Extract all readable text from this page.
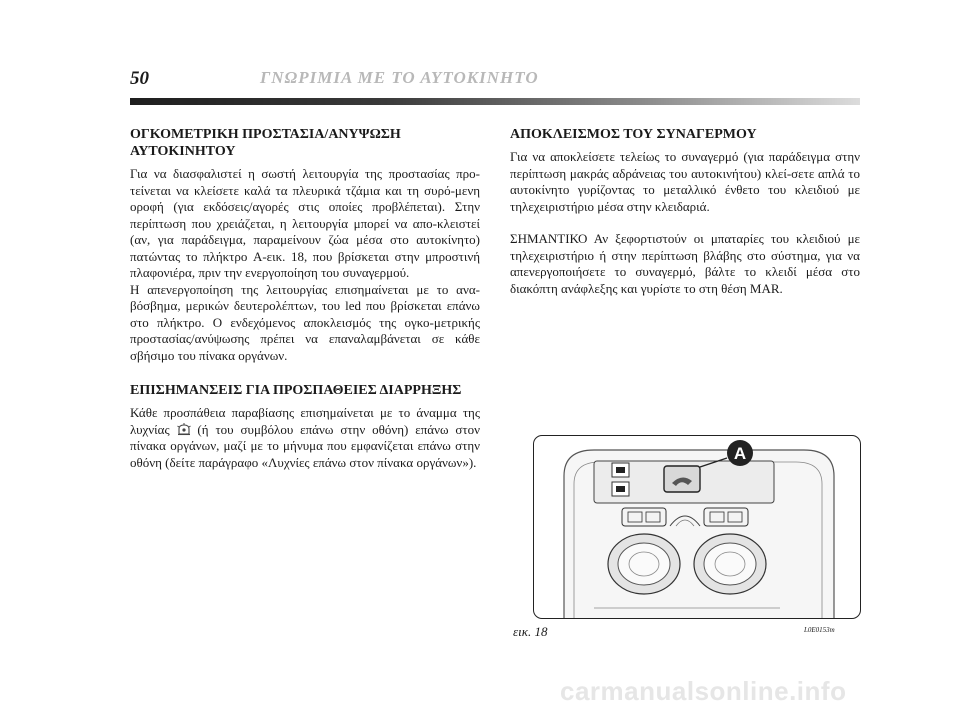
50	ΓΝΩΡΙΜΙΑ ΜΕ ΤΟ ΑΥΤΟΚΙΝΗΤΟ
ΟΓΚΟΜΕΤΡΙΚΗ ΠΡΟΣΤΑΣΙΑ/ΑΝΥΨΩΣΗ ΑΥΤΟΚΙΝΗΤΟΥ

Για να διασφαλιστεί η σωστή λειτουργία της προστασίας προ-τείνεται να κλείσετε καλά τα πλευρικά τζάμια και τη συρό-μενη οροφή (για εκδόσεις/αγορές στις οποίες προβλέπεται). Στην περίπτωση που χρειάζεται, η λειτουργία μπορεί να απο-κλειστεί (αν, για παράδειγμα, παραμείνουν ζώα μέσα στο αυτοκίνητο) πατώντας το πλήκτρο A-εικ. 18, που βρίσκεται στην μπροστινή πλαφονιέρα, πριν την ενεργοποίηση του συναγερμού.

Η απενεργοποίηση της λειτουργίας επισημαίνεται με το ανα-βόσβημα, μερικών δευτερολέπτων, του led που βρίσκεται επάνω στο πλήκτρο. Ο ενδεχόμενος αποκλεισμός της ογκο-μετρικής προστασίας/ανύψωσης πρέπει να επαναλαμβάνεται σε κάθε σβήσιμο του πίνακα οργάνων.

ΕΠΙΣΗΜΑΝΣΕΙΣ ΓΙΑ ΠΡΟΣΠΑΘΕΙΕΣ ΔΙΑΡΡΗΞΗΣ

Κάθε προσπάθεια παραβίασης επισημαίνεται με το άναμμα της λυχνίας (ή του συμβόλου επάνω στην οθόνη) επάνω στον πίνακα οργάνων, μαζί με το μήνυμα που εμφανίζεται επάνω στην οθόνη (δείτε παράγραφο «Λυχνίες επάνω στον πίνακα οργάνων»).

ΑΠΟΚΛΕΙΣΜΟΣ ΤΟΥ ΣΥΝΑΓΕΡΜΟΥ

Για να αποκλείσετε τελείως το συναγερμό (για παράδειγμα στην περίπτωση μακράς αδράνειας του αυτοκινήτου) κλεί-σετε απλά το αυτοκίνητο γυρίζοντας το μεταλλικό ένθετο του κλειδιού με τηλεχειριστήριο μέσα στην κλειδαριά.

ΣΗΜΑΝΤΙΚΟ Αν ξεφορτιστούν οι μπαταρίες του κλειδιού με τηλεχειριστήριο ή στην περίπτωση βλάβης στο σύστημα, για να απενεργοποιήσετε το συναγερμό, βάλτε το κλειδί μέσα στο διακόπτη ανάφλεξης και γυρίστε το στη θέση MAR.

A
εικ. 18	L0E0153m
carmanualsonline.info
